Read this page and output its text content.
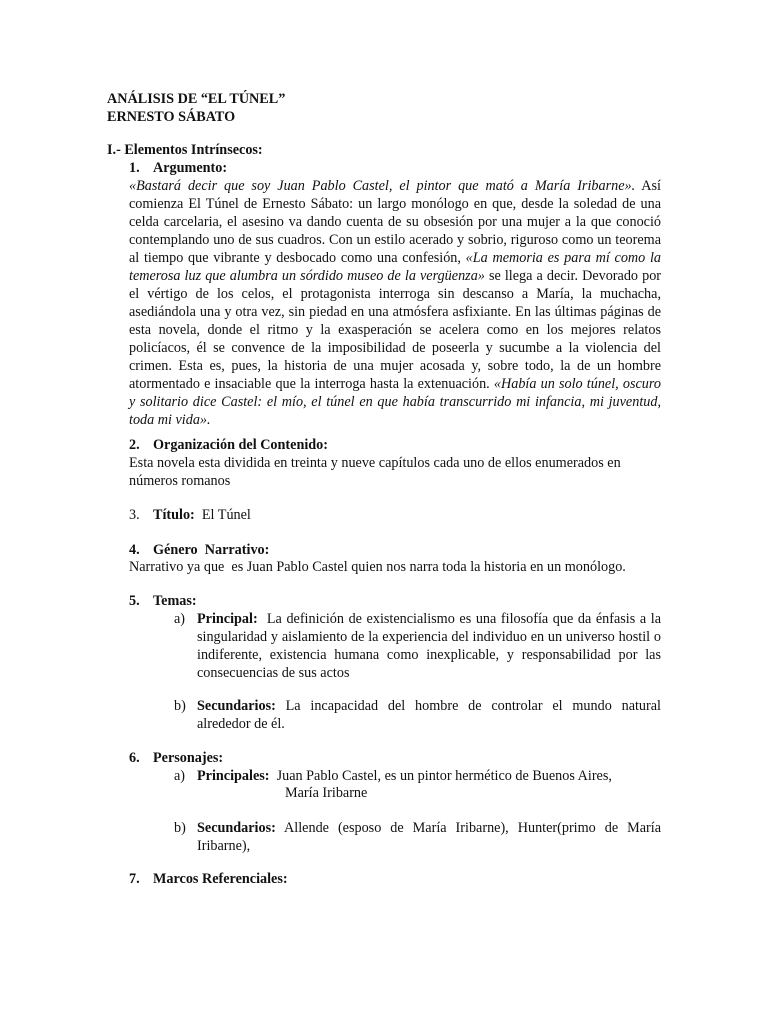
ANÁLISIS DE “EL TÚNEL”
ERNESTO SÁBATO
I.- Elementos Intrínsecos:
1. Argumento:

«Bastará decir que soy Juan Pablo Castel, el pintor que mató a María Iribarne». Así comienza El Túnel de Ernesto Sábato: un largo monólogo en que, desde la soledad de una celda carcelaria, el asesino va dando cuenta de su obsesión por una mujer a la que conoció contemplando uno de sus cuadros. Con un estilo acerado y sobrio, riguroso como un teorema al tiempo que vibrante y desbocado como una confesión, «La memoria es para mí como la temerosa luz que alumbra un sórdido museo de la vergüenza» se llega a decir. Devorado por el vértigo de los celos, el protagonista interroga sin descanso a María, la muchacha, asediándola una y otra vez, sin piedad en una atmósfera asfixiante. En las últimas páginas de esta novela, donde el ritmo y la exasperación se acelera como en los mejores relatos policíacos, él se convence de la imposibilidad de poseerla y sucumbe a la violencia del crimen. Esta es, pues, la historia de una mujer acosada y, sobre todo, la de un hombre atormentado e insaciable que la interroga hasta la extenuación. «Había un solo túnel, oscuro y solitario dice Castel: el mío, el túnel en que había transcurrido mi infancia, mi juventud, toda mi vida».

2. Organización del Contenido:

Esta novela esta dividida en treinta y nueve capítulos cada uno de ellos enumerados en números romanos

3. Título: El Túnel
4. Género  Narrativo:

Narrativo ya que  es Juan Pablo Castel quien nos narra toda la historia en un monólogo.

5. Temas:
a) Principal:  La definición de existencialismo es una filosofía que da énfasis a la singularidad y aislamiento de la experiencia del individuo en un universo hostil o indiferente, existencia humana como inexplicable, y responsabilidad por las consecuencias de sus actos

b) Secundarios: La incapacidad del hombre de controlar el mundo natural alrededor de él.

6. Personajes:
a) Principales:  Juan Pablo Castel, es un pintor hermético de Buenos Aires,
María Iribarne
b) Secundarios: Allende (esposo de María Iribarne), Hunter(primo de María Iribarne),

7. Marcos Referenciales:
